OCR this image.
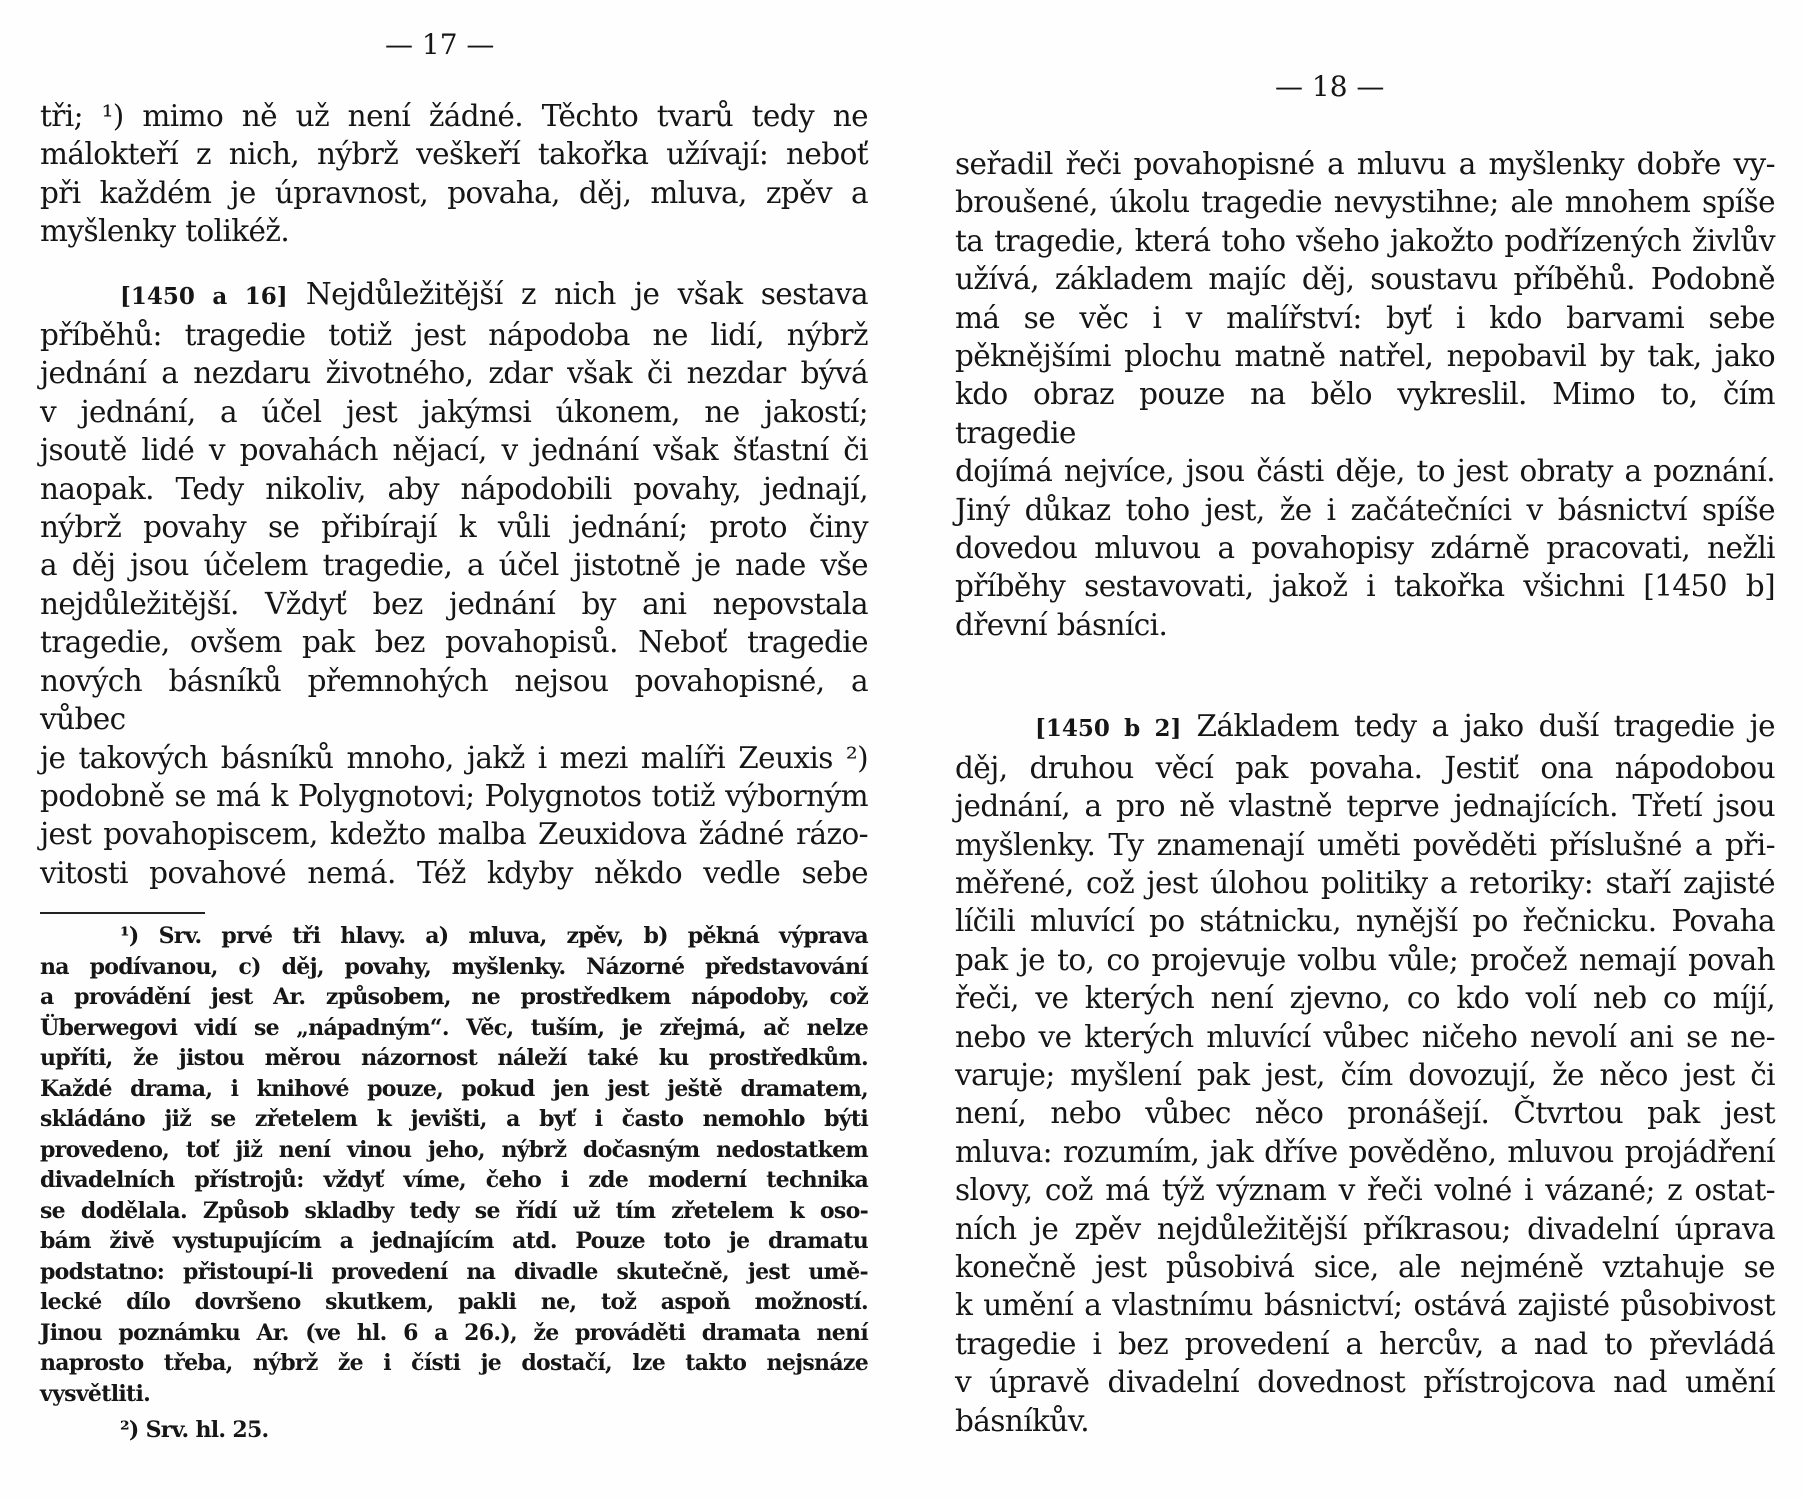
— 17 —

tři; ¹) mimo ně už není žádné. Těchto tvarů tedy ne
málokteří z nich, nýbrž veškeří takořka užívají: neboť
při každém je úpravnost, povaha, děj, mluva, zpěv a
myšlenky tolikéž.

[1450 a 16] Nejdůležitější z nich je však sestava
příběhů: tragedie totiž jest nápodoba ne lidí, nýbrž
jednání a nezdaru životného, zdar však či nezdar bývá
v jednání, a účel jest jakýmsi úkonem, ne jakostí;
jsoutě lidé v povahách nějací, v jednání však šťastní či
naopak. Tedy nikoliv, aby nápodobili povahy, jednají,
nýbrž povahy se přibírají k vůli jednání; proto činy
a děj jsou účelem tragedie, a účel jistotně je nade vše
nejdůležitější. Vždyť bez jednání by ani nepovstala
tragedie, ovšem pak bez povahopisů. Neboť tragedie
nových básníků přemnohých nejsou povahopisné, a vůbec
je takových básníků mnoho, jakž i mezi malíři Zeuxis ²)
podobně se má k Polygnotovi; Polygnotos totiž výborným
jest povahopiscem, kdežto malba Zeuxidova žádné rázo-
vitosti povahové nemá. Též kdyby někdo vedle sebe

¹) Srv. prvé tři hlavy. a) mluva, zpěv, b) pěkná výprava
na podívanou, c) děj, povahy, myšlenky. Názorné představování
a provádění jest Ar. způsobem, ne prostředkem nápodoby, což
Überwegovi vidí se „nápadným“. Věc, tuším, je zřejmá, ač nelze
upříti, že jistou měrou názornost náleží také ku prostředkům.
Každé drama, i knihové pouze, pokud jen jest ještě dramatem,
skládáno již se zřetelem k jevišti, a byť i často nemohlo býti
provedeno, toť již není vinou jeho, nýbrž dočasným nedostatkem
divadelních přístrojů: vždyť víme, čeho i zde moderní technika
se dodělala. Způsob skladby tedy se řídí už tím zřetelem k oso-
bám živě vystupujícím a jednajícím atd. Pouze toto je dramatu
podstatno: přistoupí-li provedení na divadle skutečně, jest umě-
lecké dílo dovršeno skutkem, pakli ne, tož aspoň možností.
Jinou poznámku Ar. (ve hl. 6 a 26.), že prováděti dramata není
naprosto třeba, nýbrž že i čísti je dostačí, lze takto nejsnáze
vysvětliti.

²) Srv. hl. 25.

— 18 —

seřadil řeči povahopisné a mluvu a myšlenky dobře vy-
broušené, úkolu tragedie nevystihne; ale mnohem spíše
ta tragedie, která toho všeho jakožto podřízených živlův
užívá, základem majíc děj, soustavu příběhů. Podobně
má se věc i v malířství: byť i kdo barvami sebe
pěknějšími plochu matně natřel, nepobavil by tak, jako
kdo obraz pouze na bělo vykreslil. Mimo to, čím tragedie
dojímá nejvíce, jsou části děje, to jest obraty a poznání.
Jiný důkaz toho jest, že i začátečníci v básnictví spíše
dovedou mluvou a povahopisy zdárně pracovati, nežli
příběhy sestavovati, jakož i takořka všichni [1450 b]
dřevní básníci.

[1450 b 2] Základem tedy a jako duší tragedie je
děj, druhou věcí pak povaha. Jestiť ona nápodobou
jednání, a pro ně vlastně teprve jednajících. Třetí jsou
myšlenky. Ty znamenají uměti pověděti příslušné a při-
měřené, což jest úlohou politiky a retoriky: staří zajisté
líčili mluvící po státnicku, nynější po řečnicku. Povaha
pak je to, co projevuje volbu vůle; pročež nemají povah
řeči, ve kterých není zjevno, co kdo volí neb co míjí,
nebo ve kterých mluvící vůbec ničeho nevolí ani se ne-
varuje; myšlení pak jest, čím dovozují, že něco jest či
není, nebo vůbec něco pronášejí. Čtvrtou pak jest
mluva: rozumím, jak dříve pověděno, mluvou projádření
slovy, což má týž význam v řeči volné i vázané; z ostat-
ních je zpěv nejdůležitější příkrasou; divadelní úprava
konečně jest působivá sice, ale nejméně vztahuje se
k umění a vlastnímu básnictví; ostává zajisté působivost
tragedie i bez provedení a hercův, a nad to převládá
v úpravě divadelní dovednost přístrojcova nad umění
básníkův.
